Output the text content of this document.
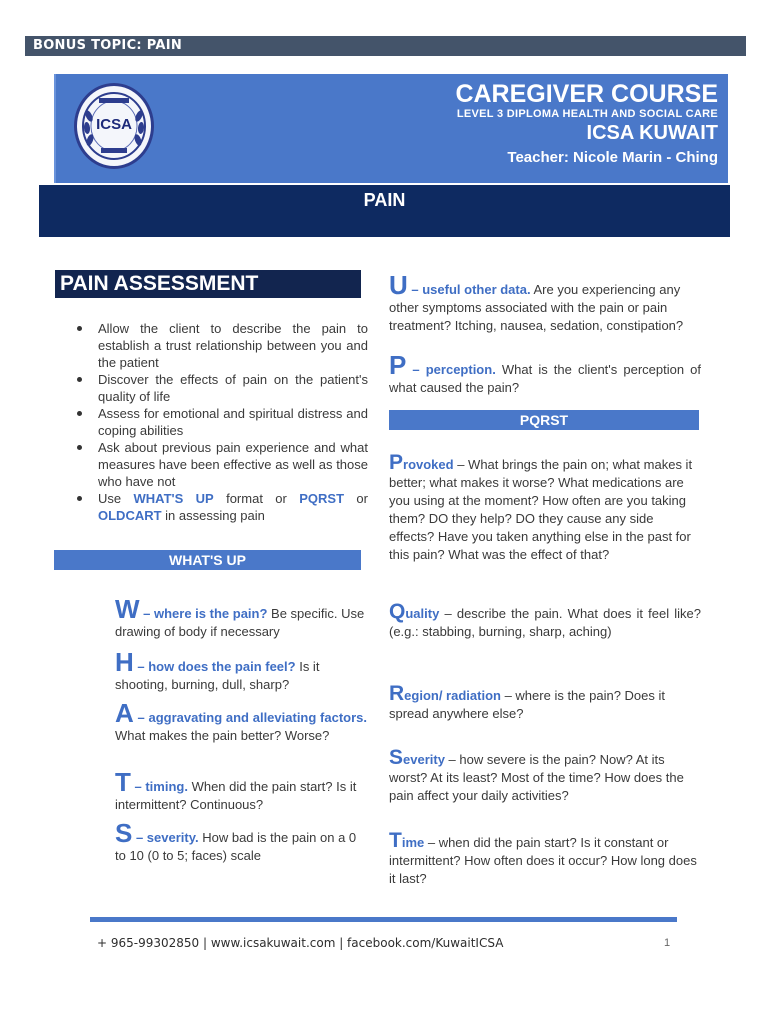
BONUS TOPIC: PAIN
ICSA
CAREGIVER COURSE
LEVEL 3 DIPLOMA HEALTH AND SOCIAL CARE
ICSA KUWAIT
Teacher: Nicole Marin - Ching
PAIN
PAIN ASSESSMENT
Allow the client to describe the pain to establish a trust relationship between you and the patient
Discover the effects of pain on the patient's quality of life
Assess for emotional and spiritual distress and coping abilities
Ask about previous pain experience and what measures have been effective as well as those who have not
Use WHAT'S UP format or PQRST or OLDCART in assessing pain
WHAT'S UP
W – where is the pain? Be specific. Use drawing of body if necessary
H – how does the pain feel? Is it shooting, burning, dull, sharp?
A – aggravating and alleviating factors. What makes the pain better? Worse?
T – timing. When did the pain start? Is it intermittent? Continuous?
S – severity. How bad is the pain on a 0 to 10 (0 to 5; faces) scale
U – useful other data. Are you experiencing any other symptoms associated with the pain or pain treatment? Itching, nausea, sedation, constipation?
P – perception. What is the client's perception of what caused the pain?
PQRST
Provoked – What brings the pain on; what makes it better; what makes it worse? What medications are you using at the moment? How often are you taking them? DO they help? DO they cause any side effects? Have you taken anything else in the past for this pain? What was the effect of that?
Quality – describe the pain. What does it feel like? (e.g.: stabbing, burning, sharp, aching)
Region/ radiation – where is the pain? Does it spread anywhere else?
Severity – how severe is the pain? Now? At its worst? At its least? Most of the time? How does the pain affect your daily activities?
Time – when did the pain start? Is it constant or intermittent? How often does it occur? How long does it last?
+ 965-99302850 | www.icsakuwait.com | facebook.com/KuwaitICSA	1
